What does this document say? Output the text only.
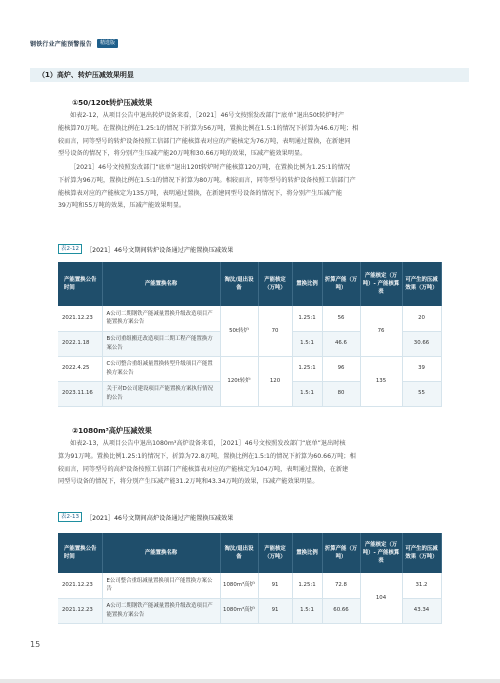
钢铁行业产能预警报告	精选版
（1）高炉、转炉压减效果明显
①50/120t转炉压减效果
如表2-12，从项目公告中退出转炉设备来看，［2021］46号文按照发改部门“底单”退出50t转炉时产
能核算70万吨。在置换比例在1.25:1的情况下折算为56万吨，置换比例在1.5:1的情况下折算为46.6万吨；相
较而言，同等型号的转炉设备按照工信部门产能核算表对应的产能核定为76万吨，表明通过置换，在新建同
型号设备的情况下，将分别产生压减产能20万吨和30.66万吨的效果，压减产能效果明显。
［2021］46号文按照发改部门“底单”退出120t转炉时产能核算120万吨，在置换比例为1.25:1的情况
下折算为96万吨，置换比例在1.5:1的情况下折算为80万吨。相较而言，同等型号的转炉设备按照工信部门产
能核算表对应的产能核定为135万吨，表明通过置换，在新建同型号设备的情况下，将分别产生压减产能
39万吨和55万吨的效果，压减产能效果明显。
表2-12	［2021］46号文期间转炉设备通过产能置换压减效果
产能置换公告时间	产能置换名称	淘汰/退出设备	产能核定（万吨）	置换比例	折算产能（万吨）	产能核定（万吨）- 产能核算表	可产生的压减效果（万吨）
2021.12.23	A公司二期钢铁产能减量置换升级改造项目产能置换方案公告	50t转炉	70	1.25:1	56	76	20
2022.1.18	B公司重组搬迁改造项目二期工程产能置换方案公告			1.5:1	46.6		30.66
2022.4.25	C公司整合重组减量置换转型升级项目产能置换方案公告	120t转炉	120	1.25:1	96	135	39
2023.11.16	关于对D公司建设项目产能置换方案执行情况的公告			1.5:1	80		55
②1080m³高炉压减效果
如表2-13，从项目公告中退出1080m³高炉设备来看，［2021］46号文按照发改部门“底单”退出时核
算为91万吨。置换比例1.25:1的情况下，折算为72.8万吨，置换比例在1.5:1的情况下折算为60.66万吨；相
较而言，同等型号的高炉设备按照工信部门产能核算表对应的产能核定为104万吨，表明通过置换，在新建
同型号设备的情况下，将分别产生压减产能31.2万吨和43.34万吨的效果，压减产能效果明显。
表2-13	［2021］46号文期间高炉设备通过产能置换压减效果
产能置换公告时间	产能置换名称	淘汰/退出设备	产能核定（万吨）	置换比例	折算产能（万吨）	产能核定（万吨）- 产能核算表	可产生的压减效果（万吨）
2021.12.23	E公司整合重组减量置换项目产能置换方案公告	1080m³高炉	91	1.25:1	72.8	104	31.2
2021.12.23	A公司二期钢铁产能减量置换升级改造项目产能置换方案公告	1080m³高炉	91	1.5:1	60.66		43.34
15
